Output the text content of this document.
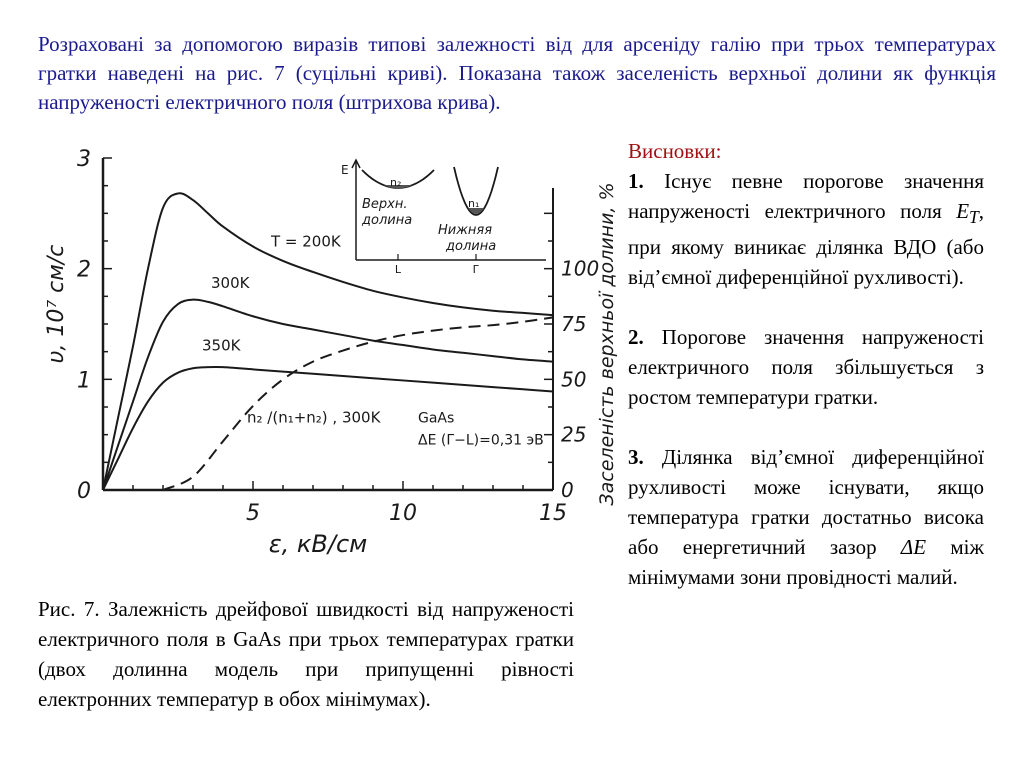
Розраховані за допомогою виразів типові залежності від для арсеніду галію при трьох температурах гратки наведені на рис. 7 (суцільні криві). Показана також заселеність верхньої долини як функція напруженості електричного поля (штрихова крива).
0
1
2
3
5	10	15
0
25
50
75
100
ε, кВ/см
υ, 10⁷ см/с	Заселеність верхньої долини, %
T = 200K
300K
350K
n₂ /(n₁+n₂) , 300K	GaAs
ΔE (Γ−L)=0,31 эВ
E
n₂
n₁
Верхн.
долина
Нижняя
долина
L	Г
Рис. 7. Залежність дрейфової швидкості від напруженості електричного поля в GaAs при трьох температурах гратки (двох долинна модель при припущенні рівності електронних температур в обох мінімумах).
Висновки:

1. Існує певне порогове значення напруженості електричного поля $E_T$, при якому виникає ділянка ВДО (або від’ємної диференційної рухливості).

2. Порогове значення напруженості електричного поля збільшується з ростом температури гратки.

3. Ділянка від’ємної диференційної рухливості може існувати, якщо температура гратки достатньо висока або енергетичний зазор ΔE між мінімумами зони провідності малий.
